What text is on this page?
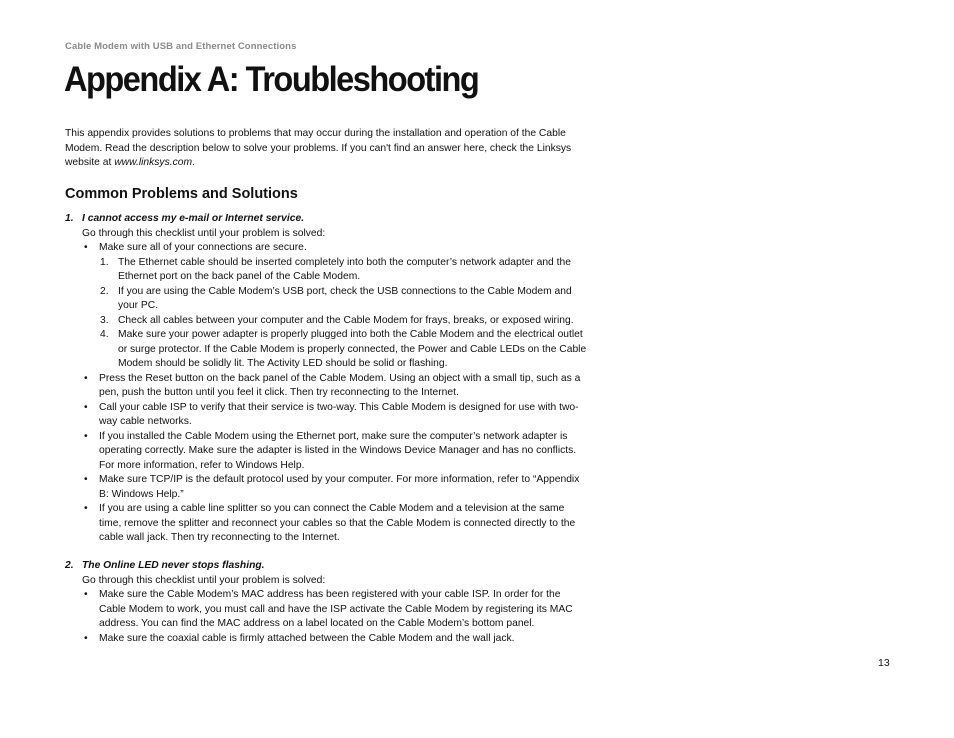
Cable Modem with USB and Ethernet Connections
Appendix A: Troubleshooting

This appendix provides solutions to problems that may occur during the installation and operation of the Cable Modem. Read the description below to solve your problems. If you can't find an answer here, check the Linksys website at www.linksys.com.

Common Problems and Solutions
1. I cannot access my e-mail or Internet service.
Go through this checklist until your problem is solved:
• Make sure all of your connections are secure.
1. The Ethernet cable should be inserted completely into both the computer’s network adapter and the Ethernet port on the back panel of the Cable Modem.
2. If you are using the Cable Modem’s USB port, check the USB connections to the Cable Modem and your PC.
3. Check all cables between your computer and the Cable Modem for frays, breaks, or exposed wiring.
4. Make sure your power adapter is properly plugged into both the Cable Modem and the electrical outlet or surge protector. If the Cable Modem is properly connected, the Power and Cable LEDs on the Cable Modem should be solidly lit. The Activity LED should be solid or flashing.
• Press the Reset button on the back panel of the Cable Modem. Using an object with a small tip, such as a pen, push the button until you feel it click. Then try reconnecting to the Internet.
• Call your cable ISP to verify that their service is two-way. This Cable Modem is designed for use with two-way cable networks.
• If you installed the Cable Modem using the Ethernet port, make sure the computer’s network adapter is operating correctly. Make sure the adapter is listed in the Windows Device Manager and has no conflicts. For more information, refer to Windows Help.
• Make sure TCP/IP is the default protocol used by your computer. For more information, refer to “Appendix B: Windows Help.”
• If you are using a cable line splitter so you can connect the Cable Modem and a television at the same time, remove the splitter and reconnect your cables so that the Cable Modem is connected directly to the cable wall jack. Then try reconnecting to the Internet.
2. The Online LED never stops flashing.
Go through this checklist until your problem is solved:
• Make sure the Cable Modem’s MAC address has been registered with your cable ISP. In order for the Cable Modem to work, you must call and have the ISP activate the Cable Modem by registering its MAC address. You can find the MAC address on a label located on the Cable Modem’s bottom panel.
• Make sure the coaxial cable is firmly attached between the Cable Modem and the wall jack.
13
